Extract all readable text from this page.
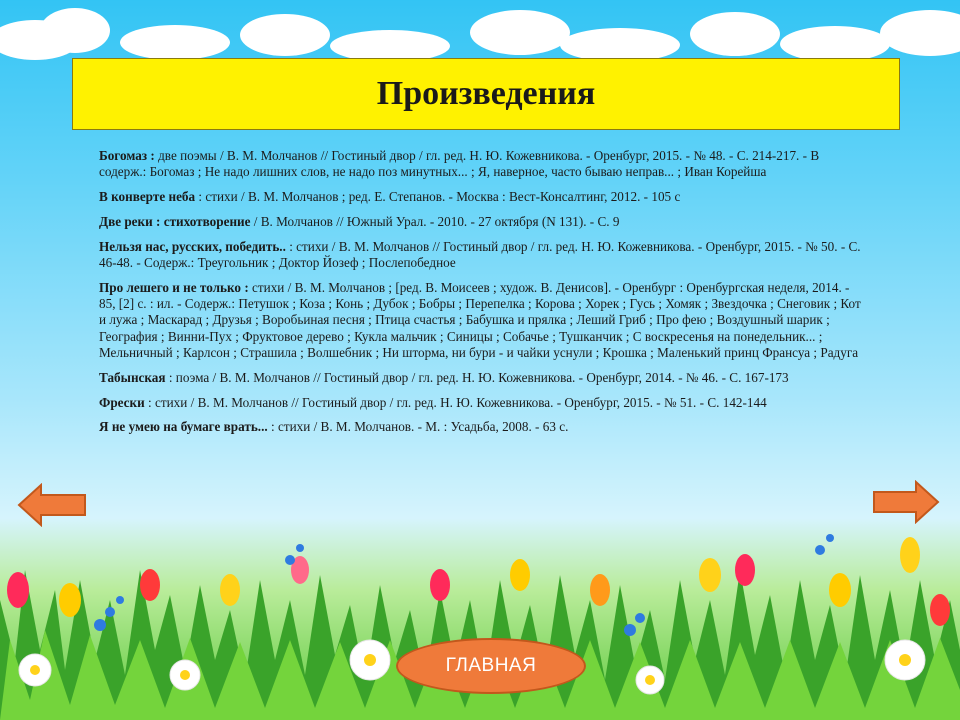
Произведения

Богомаз : две поэмы / В. М. Молчанов // Гостиный двор / гл. ред. Н. Ю. Кожевникова. - Оренбург, 2015. - № 48. - С. 214-217. - В содерж.: Богомаз ; Не надо лишних слов, не надо поз минутных... ; Я, наверное, часто бываю неправ... ; Иван Корейша

В конверте неба : стихи / В. М. Молчанов ; ред. Е. Степанов. - Москва : Вест-Консалтинг, 2012. - 105 с

Две реки : стихотворение / В. Молчанов // Южный Урал. - 2010. - 27 октября (N 131). - С. 9

Нельзя нас, русских, победить.. : стихи / В. М. Молчанов // Гостиный двор / гл. ред. Н. Ю. Кожевникова. - Оренбург, 2015. - № 50. - С. 46-48. - Содерж.: Треугольник ; Доктор Йозеф ; Послепобедное

Про лешего и не только : стихи / В. М. Молчанов ; [ред. В. Моисеев ; худож. В. Денисов]. - Оренбург : Оренбургская неделя, 2014. - 85, [2] с. : ил. - Содерж.: Петушок ; Коза ; Конь ; Дубок ; Бобры ; Перепелка ; Корова ; Хорек ; Гусь ; Хомяк ; Звездочка ; Снеговик ; Кот и лужа ; Маскарад ; Друзья ; Воробьиная песня ; Птица счастья ; Бабушка и прялка ; Леший Гриб ; Про фею ; Воздушный шарик ; География ; Винни-Пух ; Фруктовое дерево ; Кукла мальчик ; Синицы ; Собачье ; Тушканчик ; С воскресенья на понедельник... ; Мельничный ; Карлсон ; Страшила ; Волшебник ; Ни шторма, ни бури - и чайки уснули ; Крошка ; Маленький принц Франсуа ; Радуга

Табынская : поэма / В. М. Молчанов // Гостиный двор / гл. ред. Н. Ю. Кожевникова. - Оренбург, 2014. - № 46. - С. 167-173

Фрески : стихи / В. М. Молчанов // Гостиный двор / гл. ред. Н. Ю. Кожевникова. - Оренбург, 2015. - № 51. - С. 142-144

Я не умею на бумаге врать... : стихи / В. М. Молчанов. - М. : Усадьба, 2008. - 63 с.

ГЛАВНАЯ
